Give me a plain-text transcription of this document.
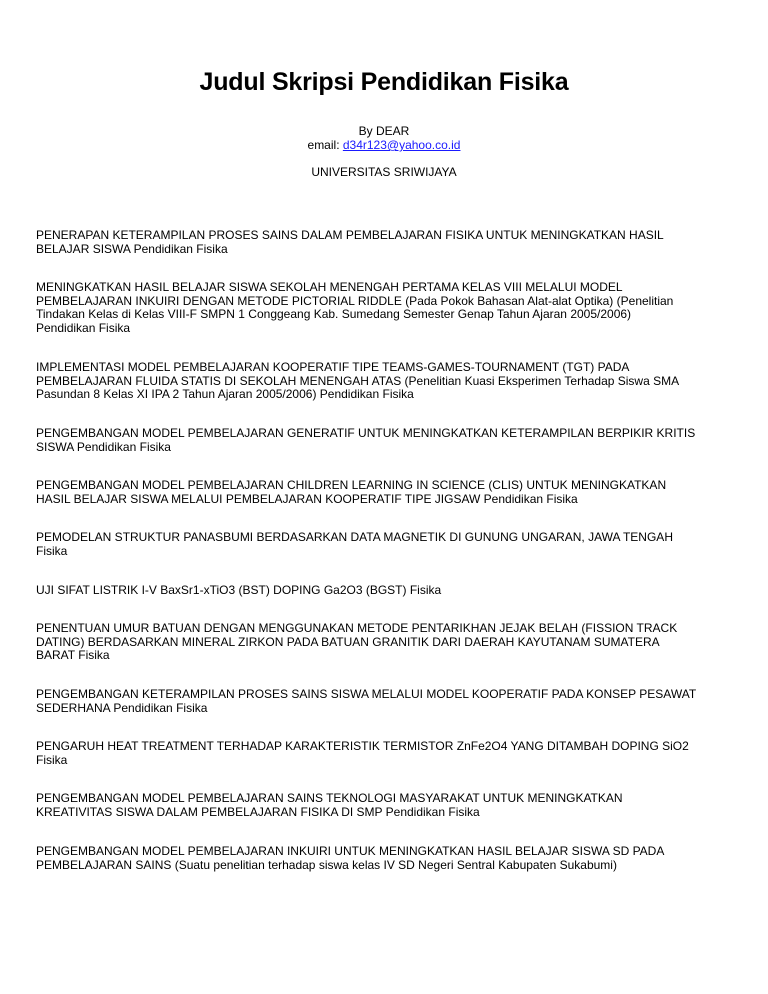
Judul Skripsi Pendidikan Fisika
By DEAR
email: d34r123@yahoo.co.id
UNIVERSITAS SRIWIJAYA
PENERAPAN KETERAMPILAN PROSES SAINS DALAM PEMBELAJARAN FISIKA UNTUK MENINGKATKAN HASIL
BELAJAR SISWA Pendidikan Fisika
MENINGKATKAN HASIL BELAJAR SISWA SEKOLAH MENENGAH PERTAMA KELAS VIII MELALUI MODEL
PEMBELAJARAN INKUIRI DENGAN METODE PICTORIAL RIDDLE (Pada Pokok Bahasan Alat-alat Optika) (Penelitian
Tindakan Kelas di Kelas VIII-F SMPN 1 Conggeang Kab. Sumedang Semester Genap Tahun Ajaran 2005/2006)
Pendidikan Fisika
IMPLEMENTASI MODEL PEMBELAJARAN KOOPERATIF TIPE TEAMS-GAMES-TOURNAMENT (TGT) PADA
PEMBELAJARAN FLUIDA STATIS DI SEKOLAH MENENGAH ATAS (Penelitian Kuasi Eksperimen Terhadap Siswa SMA
Pasundan 8 Kelas XI IPA 2 Tahun Ajaran 2005/2006) Pendidikan Fisika
PENGEMBANGAN MODEL PEMBELAJARAN GENERATIF UNTUK MENINGKATKAN KETERAMPILAN BERPIKIR KRITIS
SISWA Pendidikan Fisika
PENGEMBANGAN MODEL PEMBELAJARAN CHILDREN LEARNING IN SCIENCE (CLIS) UNTUK MENINGKATKAN
HASIL BELAJAR SISWA MELALUI PEMBELAJARAN KOOPERATIF TIPE JIGSAW Pendidikan Fisika
PEMODELAN STRUKTUR PANASBUMI BERDASARKAN DATA MAGNETIK DI GUNUNG UNGARAN, JAWA TENGAH
Fisika
UJI SIFAT LISTRIK I-V BaxSr1-xTiO3 (BST) DOPING Ga2O3 (BGST) Fisika
PENENTUAN UMUR BATUAN DENGAN MENGGUNAKAN METODE PENTARIKHAN JEJAK BELAH (FISSION TRACK
DATING) BERDASARKAN MINERAL ZIRKON PADA BATUAN GRANITIK DARI DAERAH KAYUTANAM SUMATERA
BARAT Fisika
PENGEMBANGAN KETERAMPILAN PROSES SAINS SISWA MELALUI MODEL KOOPERATIF PADA KONSEP PESAWAT
SEDERHANA Pendidikan Fisika
PENGARUH HEAT TREATMENT TERHADAP KARAKTERISTIK TERMISTOR ZnFe2O4 YANG DITAMBAH DOPING SiO2
Fisika
PENGEMBANGAN MODEL PEMBELAJARAN SAINS TEKNOLOGI MASYARAKAT UNTUK MENINGKATKAN
KREATIVITAS SISWA DALAM PEMBELAJARAN FISIKA DI SMP Pendidikan Fisika
PENGEMBANGAN MODEL PEMBELAJARAN INKUIRI UNTUK MENINGKATKAN HASIL BELAJAR SISWA SD PADA
PEMBELAJARAN SAINS (Suatu penelitian terhadap siswa kelas IV SD Negeri Sentral Kabupaten Sukabumi)
